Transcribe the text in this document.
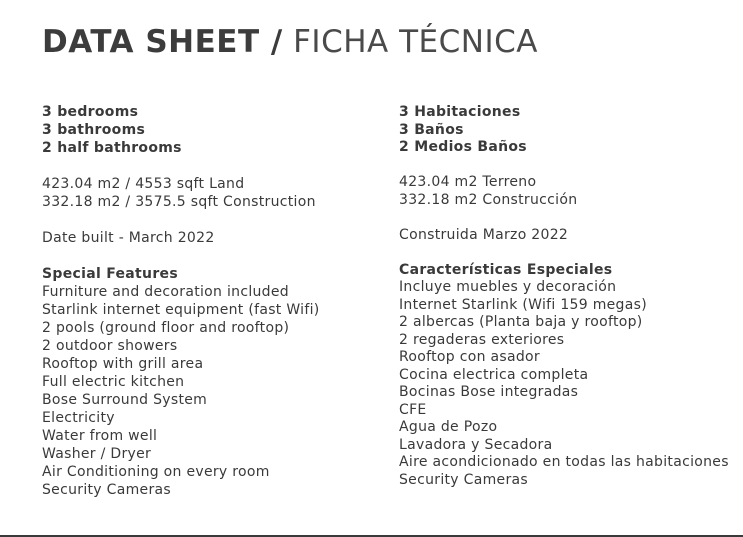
DATA SHEET / FICHA TÉCNICA
3 bedrooms
3 bathrooms
2 half bathrooms
423.04 m2 / 4553 sqft Land
332.18 m2 / 3575.5 sqft Construction
Date built - March 2022
Special Features
Furniture and decoration included
Starlink internet equipment (fast Wifi)
2 pools (ground floor and rooftop)
2 outdoor showers
Rooftop with grill area
Full electric kitchen
Bose Surround System
Electricity
Water from well
Washer / Dryer
Air Conditioning on every room
Security Cameras
3 Habitaciones
3 Baños
2 Medios Baños
423.04 m2 Terreno
332.18 m2 Construcción
Construida Marzo 2022
Características Especiales
Incluye muebles y decoración
Internet Starlink (Wifi 159 megas)
2 albercas (Planta baja y rooftop)
2 regaderas exteriores
Rooftop con asador
Cocina electrica completa
Bocinas Bose integradas
CFE
Agua de Pozo
Lavadora y Secadora
Aire acondicionado en todas las habitaciones
Security Cameras
